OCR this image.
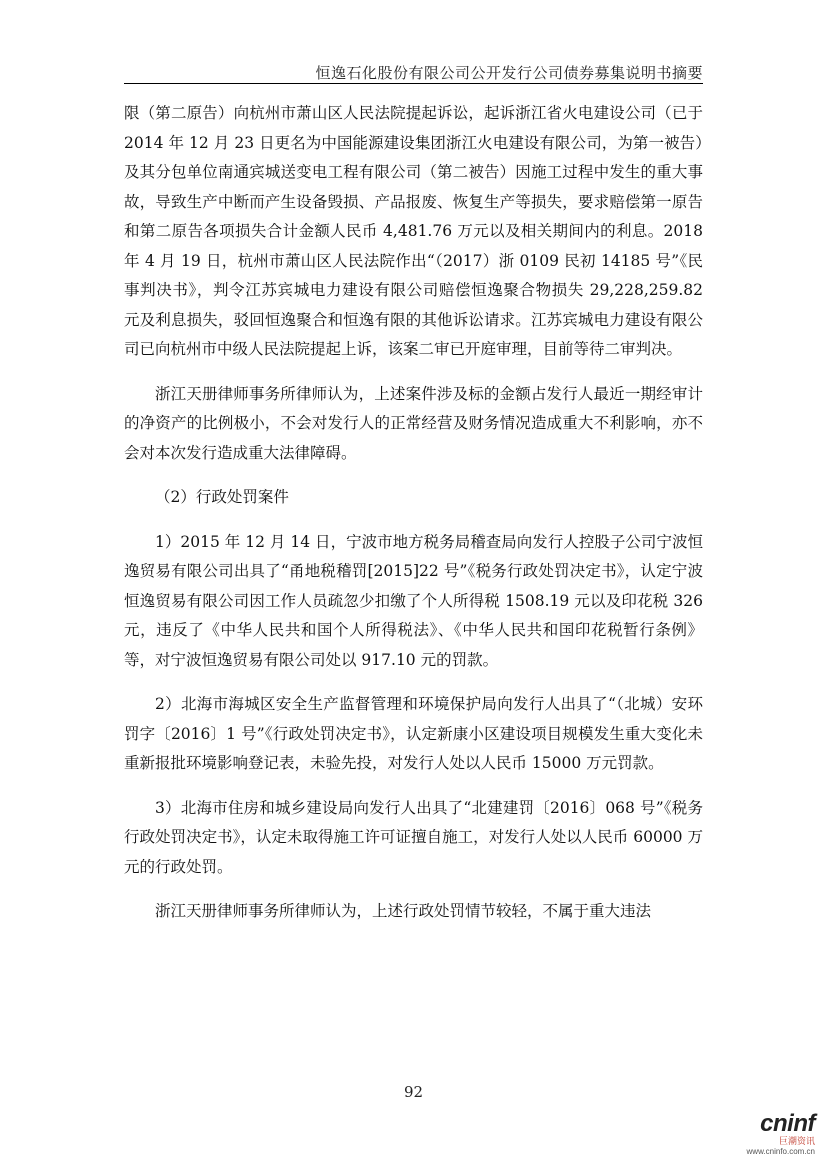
恒逸石化股份有限公司公开发行公司债券募集说明书摘要

限（第二原告）向杭州市萧山区人民法院提起诉讼，起诉浙江省火电建设公司（已于 2014 年 12 月 23 日更名为中国能源建设集团浙江火电建设有限公司，为第一被告）及其分包单位南通宾城送变电工程有限公司（第二被告）因施工过程中发生的重大事故，导致生产中断而产生设备毁损、产品报废、恢复生产等损失，要求赔偿第一原告和第二原告各项损失合计金额人民币 4,481.76 万元以及相关期间内的利息。2018 年 4 月 19 日，杭州市萧山区人民法院作出“（2017）浙 0109 民初 14185 号”《民事判决书》，判令江苏宾城电力建设有限公司赔偿恒逸聚合物损失 29,228,259.82 元及利息损失，驳回恒逸聚合和恒逸有限的其他诉讼请求。江苏宾城电力建设有限公司已向杭州市中级人民法院提起上诉，该案二审已开庭审理，目前等待二审判决。

浙江天册律师事务所律师认为，上述案件涉及标的金额占发行人最近一期经审计的净资产的比例极小，不会对发行人的正常经营及财务情况造成重大不利影响，亦不会对本次发行造成重大法律障碍。

（2）行政处罚案件

1）2015 年 12 月 14 日，宁波市地方税务局稽查局向发行人控股子公司宁波恒逸贸易有限公司出具了“甬地税稽罚[2015]22 号”《税务行政处罚决定书》，认定宁波恒逸贸易有限公司因工作人员疏忽少扣缴了个人所得税 1508.19 元以及印花税 326 元，违反了《中华人民共和国个人所得税法》、《中华人民共和国印花税暂行条例》等，对宁波恒逸贸易有限公司处以 917.10 元的罚款。

2）北海市海城区安全生产监督管理和环境保护局向发行人出具了“（北城）安环罚字〔2016〕1 号”《行政处罚决定书》，认定新康小区建设项目规模发生重大变化未重新报批环境影响登记表，未验先投，对发行人处以人民币 15000 万元罚款。

3）北海市住房和城乡建设局向发行人出具了“北建建罚〔2016〕068 号”《税务行政处罚决定书》，认定未取得施工许可证擅自施工，对发行人处以人民币 60000 万元的行政处罚。

浙江天册律师事务所律师认为，上述行政处罚情节较轻，不属于重大违法

92
cninf
巨潮资讯
www.cninfo.com.cn
